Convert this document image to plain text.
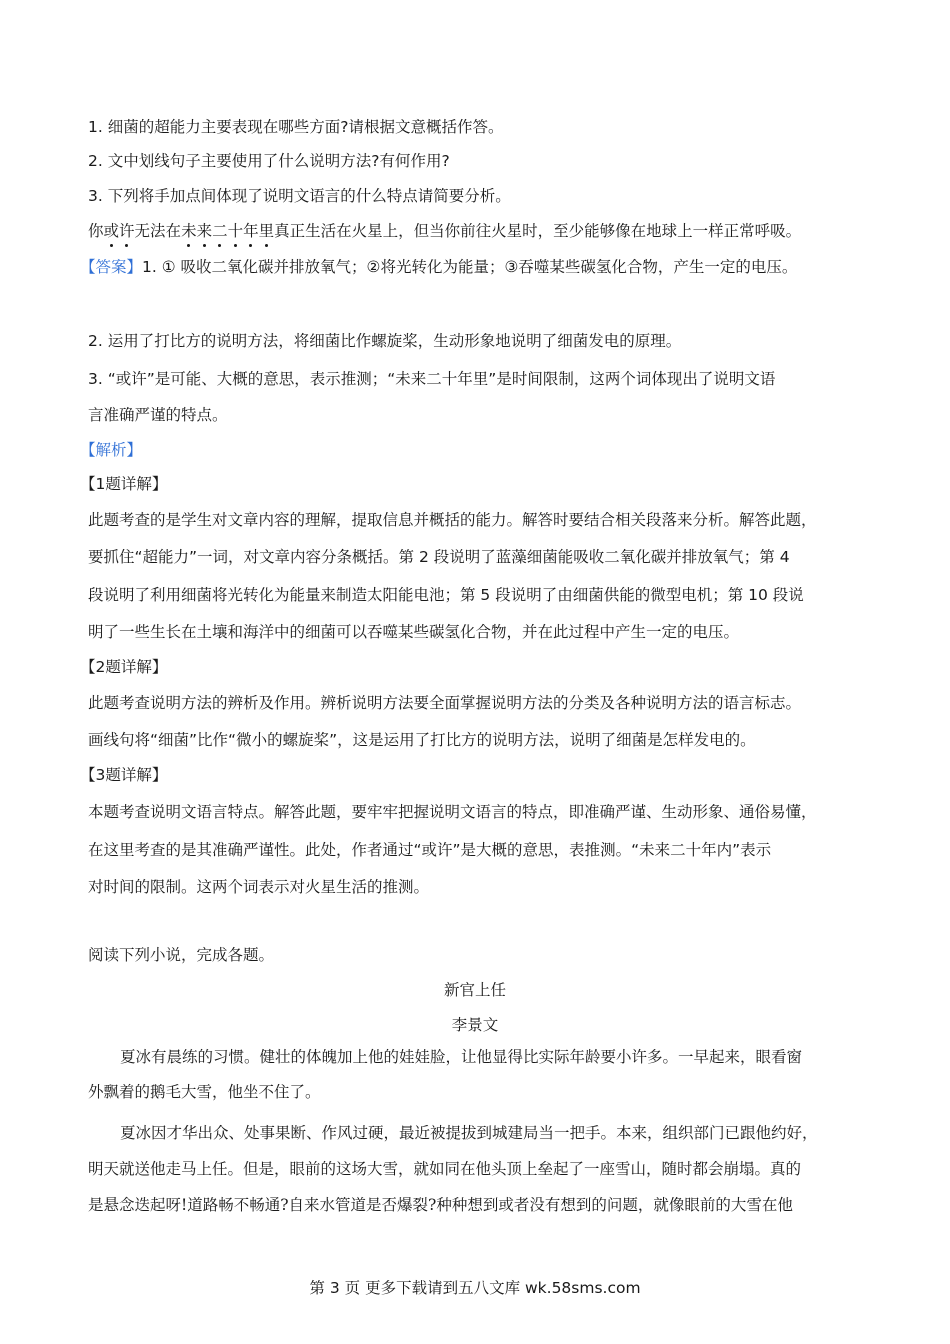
1. 细菌的超能力主要表现在哪些方面?请根据文意概括作答。
2. 文中划线句子主要使用了什么说明方法?有何作用?
3. 下列将手加点间体现了说明文语言的什么特点请简要分析。
你或许无法在未来二十年里真正生活在火星上，但当你前往火星时，至少能够像在地球上一样正常呼吸。
【答案】1. ① 吸收二氧化碳并排放氧气；②将光转化为能量；③吞噬某些碳氢化合物，产生一定的电压。
2. 运用了打比方的说明方法，将细菌比作螺旋桨，生动形象地说明了细菌发电的原理。
3. “或许”是可能、大概的意思，表示推测；“未来二十年里”是时间限制，这两个词体现出了说明文语
言准确严谨的特点。
【解析】
【1题详解】
此题考查的是学生对文章内容的理解，提取信息并概括的能力。解答时要结合相关段落来分析。解答此题，
要抓住“超能力”一词，对文章内容分条概括。第 2 段说明了蓝藻细菌能吸收二氧化碳并排放氧气；第 4
段说明了利用细菌将光转化为能量来制造太阳能电池；第 5 段说明了由细菌供能的微型电机；第 10 段说
明了一些生长在土壤和海洋中的细菌可以吞噬某些碳氢化合物，并在此过程中产生一定的电压。
【2题详解】
此题考查说明方法的辨析及作用。辨析说明方法要全面掌握说明方法的分类及各种说明方法的语言标志。
画线句将“细菌”比作“微小的螺旋桨”，这是运用了打比方的说明方法，说明了细菌是怎样发电的。
【3题详解】
本题考查说明文语言特点。解答此题，要牢牢把握说明文语言的特点，即准确严谨、生动形象、通俗易懂，
在这里考查的是其准确严谨性。此处，作者通过“或许”是大概的意思，表推测。“未来二十年内”表示
对时间的限制。这两个词表示对火星生活的推测。
阅读下列小说，完成各题。
新官上任
李景文
夏冰有晨练的习惯。健壮的体魄加上他的娃娃脸，让他显得比实际年龄要小许多。一早起来，眼看窗
外飘着的鹅毛大雪，他坐不住了。
夏冰因才华出众、处事果断、作风过硬，最近被提拔到城建局当一把手。本来，组织部门已跟他约好，
明天就送他走马上任。但是，眼前的这场大雪，就如同在他头顶上垒起了一座雪山，随时都会崩塌。真的
是悬念迭起呀!道路畅不畅通?自来水管道是否爆裂?种种想到或者没有想到的问题，就像眼前的大雪在他
第 3 页 更多下载请到五八文库 wk.58sms.com
